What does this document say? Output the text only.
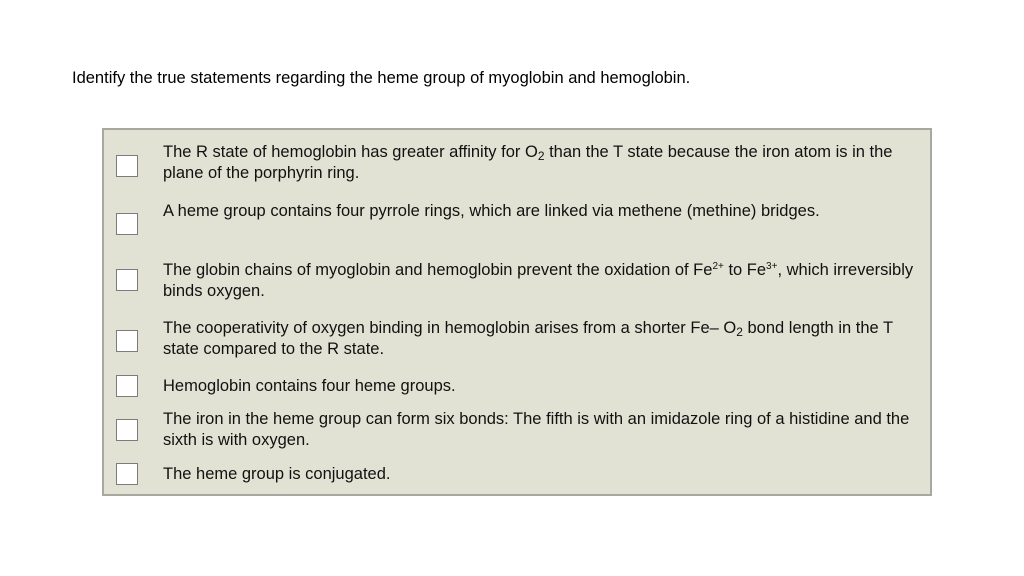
Identify the true statements regarding the heme group of myoglobin and hemoglobin.
The R state of hemoglobin has greater affinity for $O_2$ than the T state because the iron atom is in the plane of the porphyrin ring.
A heme group contains four pyrrole rings, which are linked via methene (methine) bridges.
The globin chains of myoglobin and hemoglobin prevent the oxidation of $Fe^{2+}$ to $Fe^{3+}$, which irreversibly binds oxygen.
The cooperativity of oxygen binding in hemoglobin arises from a shorter Fe– $O_2$ bond length in the T state compared to the R state.
Hemoglobin contains four heme groups.
The iron in the heme group can form six bonds: The fifth is with an imidazole ring of a histidine and the sixth is with oxygen.
The heme group is conjugated.
